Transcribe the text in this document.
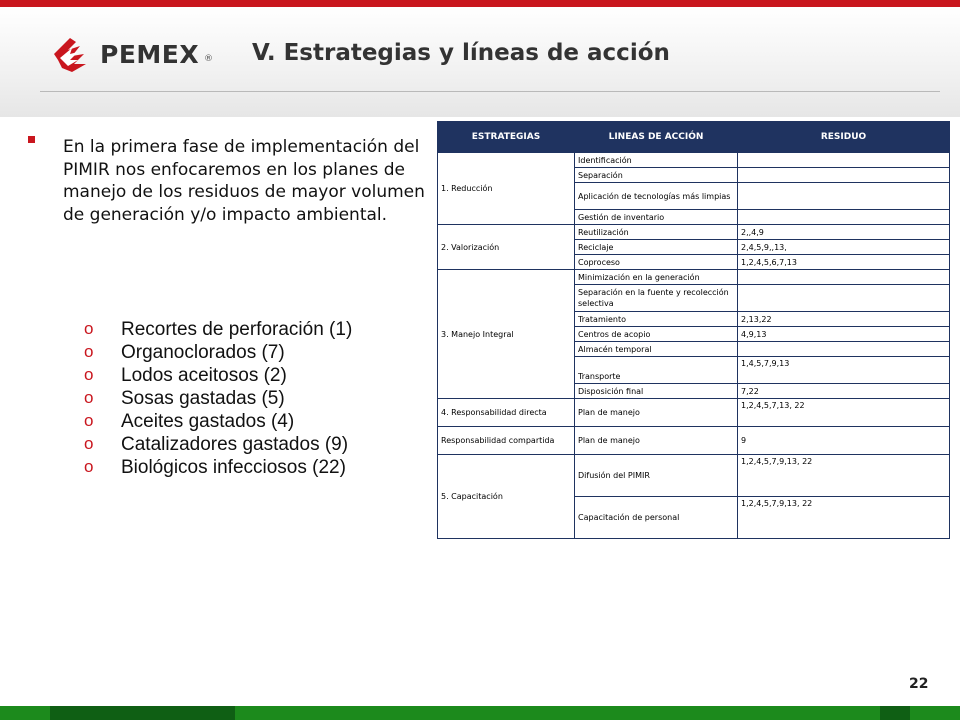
PEMEX ® V. Estrategias y líneas de acción
En la primera fase de implementación del PIMIR nos enfocaremos en los planes de manejo de los residuos de mayor volumen de generación y/o impacto ambiental.
o Recortes de perforación (1)
o Organoclorados (7)
o Lodos aceitosos (2)
o Sosas gastadas (5)
o Aceites gastados (4)
o Catalizadores gastados (9)
o Biológicos infecciosos (22)
ESTRATEGIAS	LINEAS DE ACCIÓN	RESIDUO
1. Reducción	Identificación	
	Separación	
	Aplicación de tecnologías más limpias	
	Gestión de inventario	
2. Valorización	Reutilización	2,,4,9
	Reciclaje	2,4,5,9,,13,
	Coproceso	1,2,4,5,6,7,13
3. Manejo Integral	Minimización en la generación	
	Separación en la fuente y recolección selectiva	
	Tratamiento	2,13,22
	Centros de acopio	4,9,13
	Almacén temporal	
	Transporte	1,4,5,7,9,13
	Disposición final	7,22
4. Responsabilidad directa	Plan de manejo	1,2,4,5,7,13, 22
Responsabilidad compartida	Plan de manejo	9
5. Capacitación	Difusión del PIMIR	1,2,4,5,7,9,13, 22
	Capacitación de personal	1,2,4,5,7,9,13, 22
22
